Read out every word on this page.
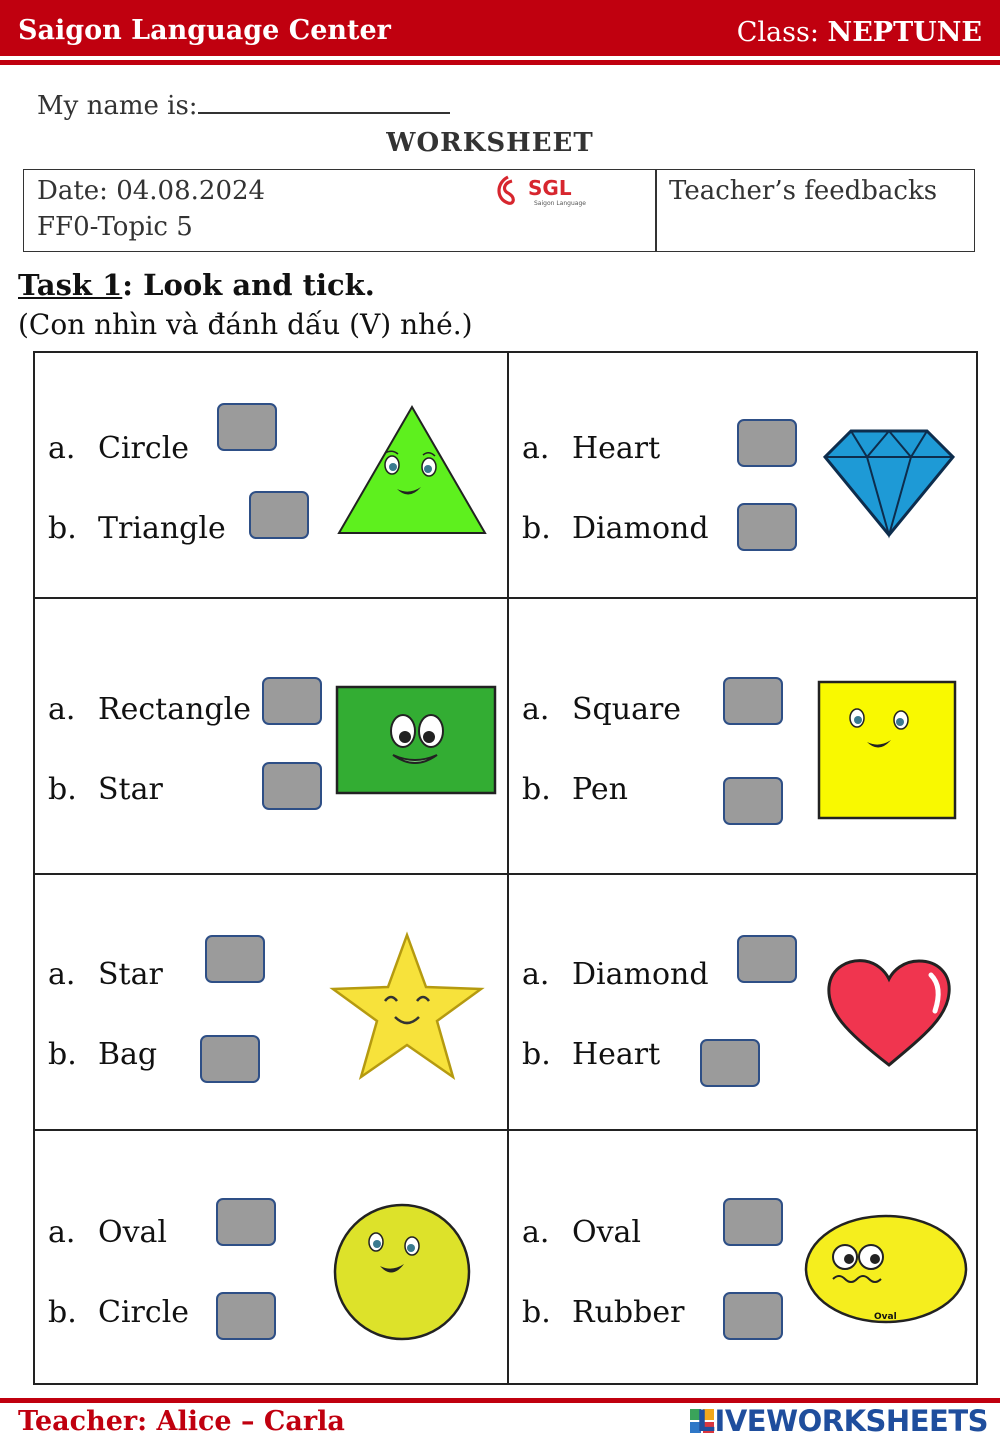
Saigon Language Center	Class: NEPTUNE
My name is:
WORKSHEET
Date: 04.08.2024
FF0-Topic 5
SGL
Saigon Language	Teacher’s feedbacks
Task 1: Look and tick.
(Con nhìn và đánh dấu (V) nhé.)
a. Circle
b. Triangle
a. Heart
b. Diamond
a. Rectangle
b. Star
a. Square
b. Pen
a. Star
b. Bag
a. Diamond
b. Heart
a. Oval
b. Circle
a. Oval
b. Rubber	Oval
Teacher: Alice – Carla	LIVEWORKSHEETS
